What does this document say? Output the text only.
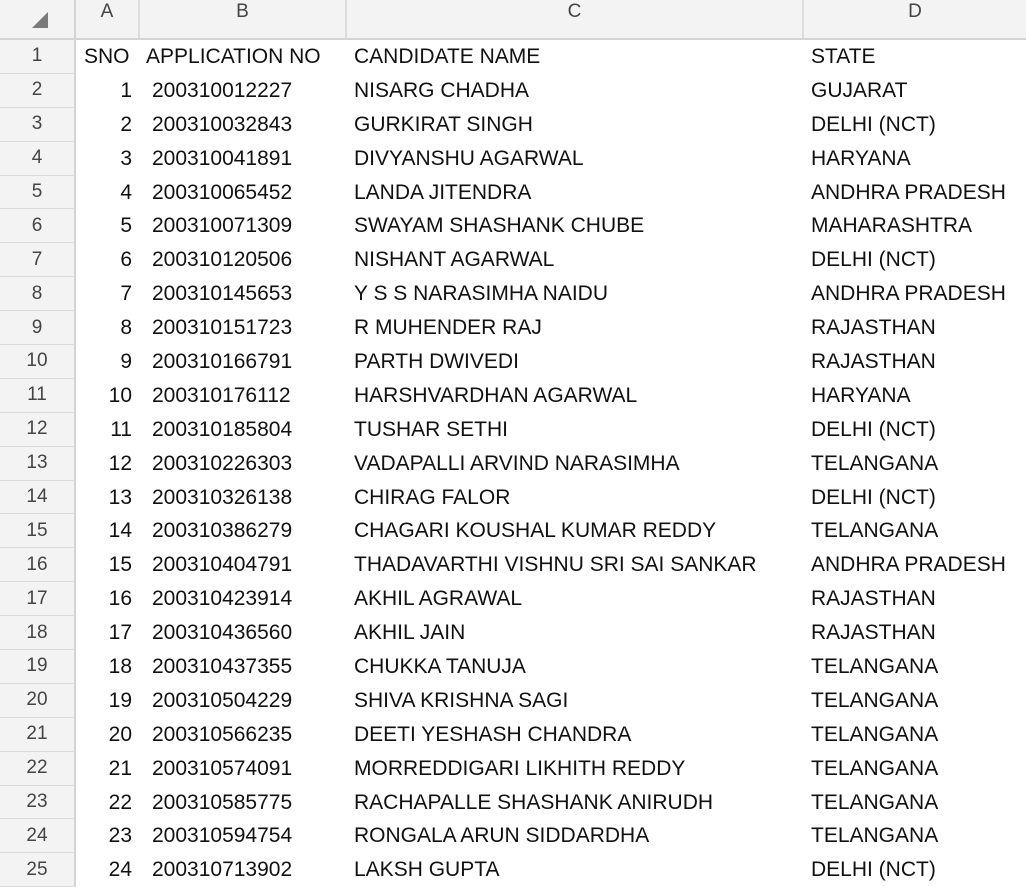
A	B	C	D
1	SNO APPLICATION NO	CANDIDATE NAME	STATE
2	1 200310012227	NISARG CHADHA	GUJARAT
3	2 200310032843	GURKIRAT SINGH	DELHI (NCT)
4	3 200310041891	DIVYANSHU AGARWAL	HARYANA
5	4 200310065452	LANDA JITENDRA	ANDHRA PRADESH
6	5 200310071309	SWAYAM SHASHANK CHUBE	MAHARASHTRA
7	6 200310120506	NISHANT AGARWAL	DELHI (NCT)
8	7 200310145653	Y S S NARASIMHA NAIDU	ANDHRA PRADESH
9	8 200310151723	R MUHENDER RAJ	RAJASTHAN
10	9 200310166791	PARTH DWIVEDI	RAJASTHAN
11	10 200310176112	HARSHVARDHAN AGARWAL	HARYANA
12	11 200310185804	TUSHAR SETHI	DELHI (NCT)
13	12 200310226303	VADAPALLI ARVIND NARASIMHA	TELANGANA
14	13 200310326138	CHIRAG FALOR	DELHI (NCT)
15	14 200310386279	CHAGARI KOUSHAL KUMAR REDDY	TELANGANA
16	15 200310404791	THADAVARTHI VISHNU SRI SAI SANKAR	ANDHRA PRADESH
17	16 200310423914	AKHIL AGRAWAL	RAJASTHAN
18	17 200310436560	AKHIL JAIN	RAJASTHAN
19	18 200310437355	CHUKKA TANUJA	TELANGANA
20	19 200310504229	SHIVA KRISHNA SAGI	TELANGANA
21	20 200310566235	DEETI YESHASH CHANDRA	TELANGANA
22	21 200310574091	MORREDDIGARI LIKHITH REDDY	TELANGANA
23	22 200310585775	RACHAPALLE SHASHANK ANIRUDH	TELANGANA
24	23 200310594754	RONGALA ARUN SIDDARDHA	TELANGANA
25	24 200310713902	LAKSH GUPTA	DELHI (NCT)
